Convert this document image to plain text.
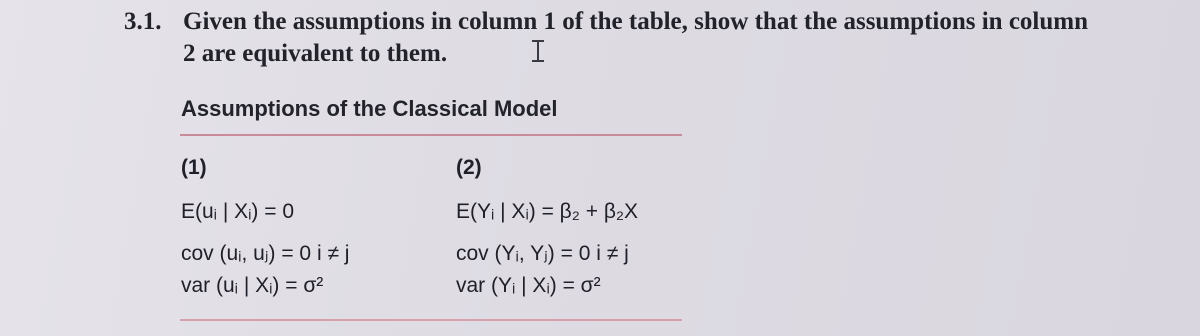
3.1. Given the assumptions in column 1 of the table, show that the assumptions in column
2 are equivalent to them.
Assumptions of the Classical Model
(1)
E(uᵢ | Xᵢ) = 0
cov (uᵢ, uⱼ) = 0 i ≠ j
var (uᵢ | Xᵢ) = σ²
(2)
E(Yᵢ | Xᵢ) = β₂ + β₂X
cov (Yᵢ, Yⱼ) = 0 i ≠ j
var (Yᵢ | Xᵢ) = σ²
